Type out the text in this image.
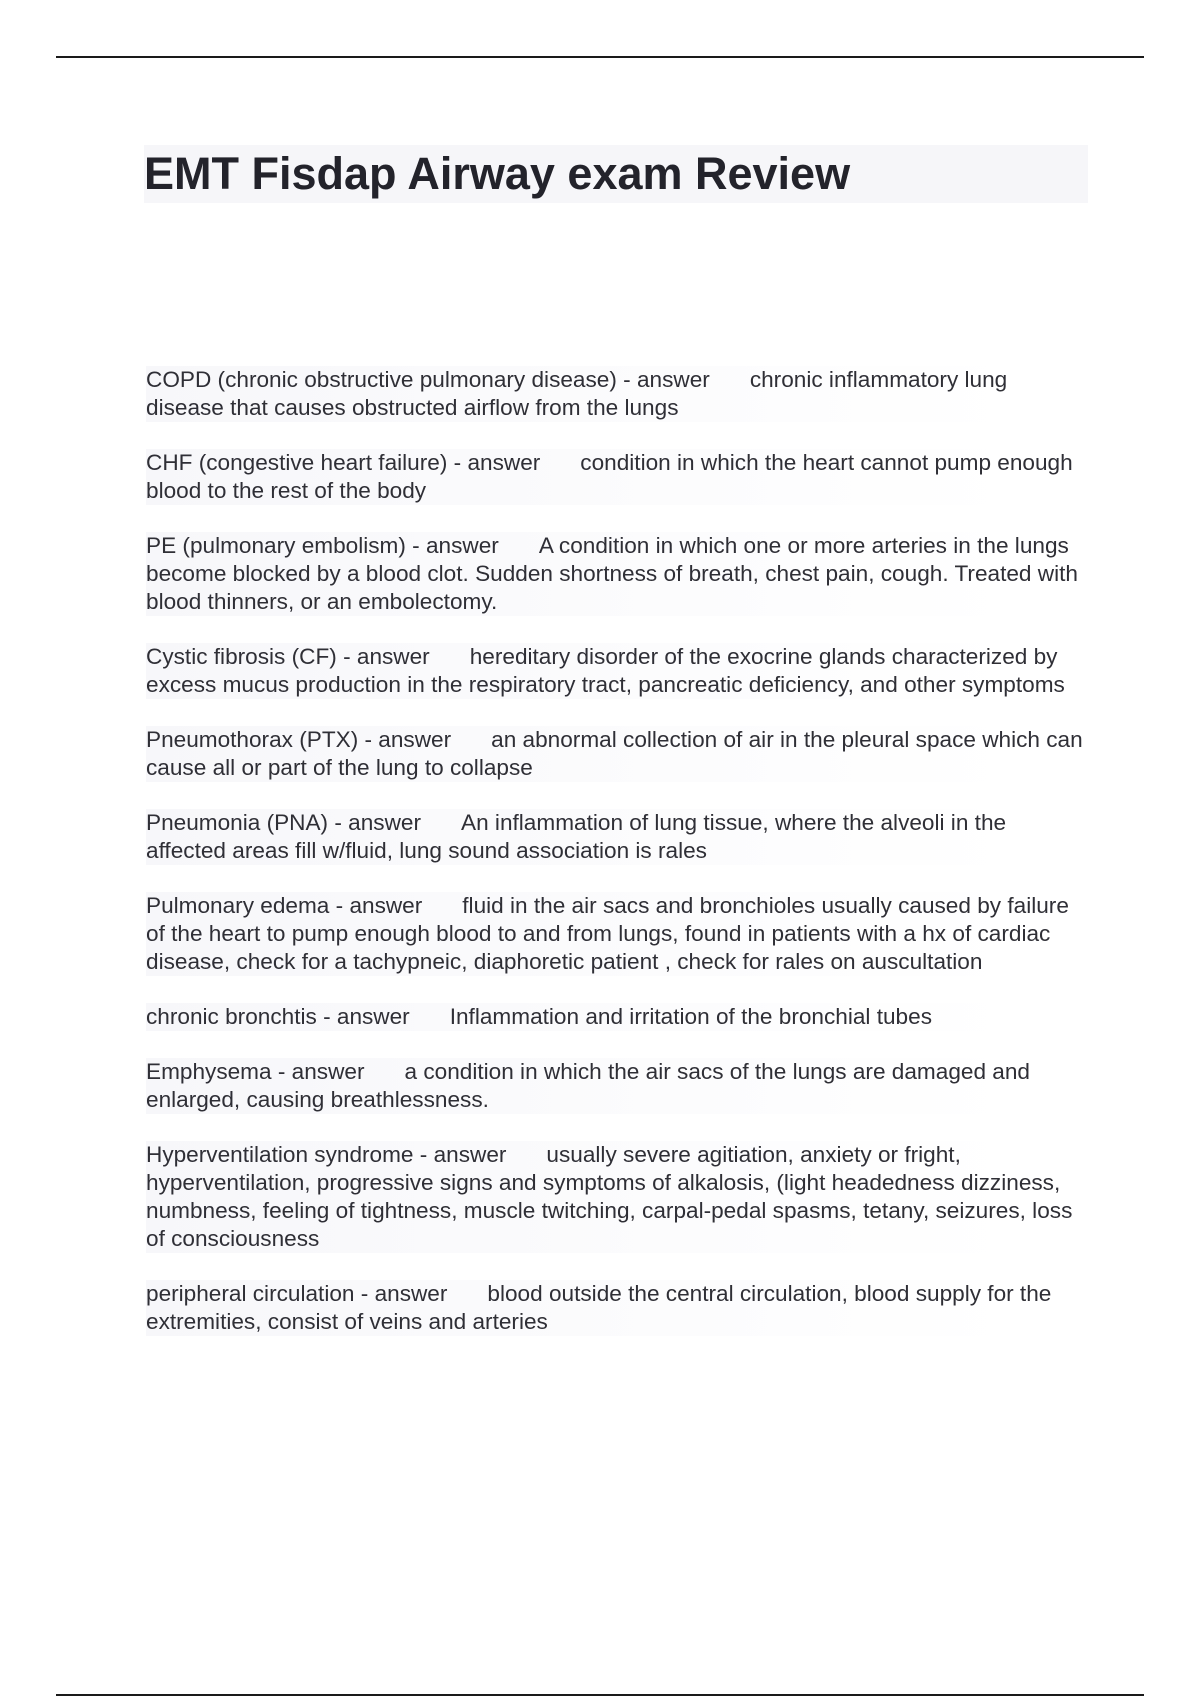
EMT Fisdap Airway exam Review

COPD (chronic obstructive pulmonary disease) - answer chronic inflammatory lung disease that causes obstructed airflow from the lungs

CHF (congestive heart failure) - answer condition in which the heart cannot pump enough blood to the rest of the body

PE (pulmonary embolism) - answer A condition in which one or more arteries in the lungs become blocked by a blood clot. Sudden shortness of breath, chest pain, cough. Treated with blood thinners, or an embolectomy.

Cystic fibrosis (CF) - answer hereditary disorder of the exocrine glands characterized by excess mucus production in the respiratory tract, pancreatic deficiency, and other symptoms

Pneumothorax (PTX) - answer an abnormal collection of air in the pleural space which can cause all or part of the lung to collapse

Pneumonia (PNA) - answer An inflammation of lung tissue, where the alveoli in the affected areas fill w/fluid, lung sound association is rales

Pulmonary edema - answer fluid in the air sacs and bronchioles usually caused by failure of the heart to pump enough blood to and from lungs, found in patients with a hx of cardiac disease, check for a tachypneic, diaphoretic patient , check for rales on auscultation

chronic bronchtis - answer Inflammation and irritation of the bronchial tubes

Emphysema - answer a condition in which the air sacs of the lungs are damaged and enlarged, causing breathlessness.

Hyperventilation syndrome - answer usually severe agitiation, anxiety or fright, hyperventilation, progressive signs and symptoms of alkalosis, (light headedness dizziness, numbness, feeling of tightness, muscle twitching, carpal-pedal spasms, tetany, seizures, loss of consciousness

peripheral circulation - answer blood outside the central circulation, blood supply for the extremities, consist of veins and arteries
